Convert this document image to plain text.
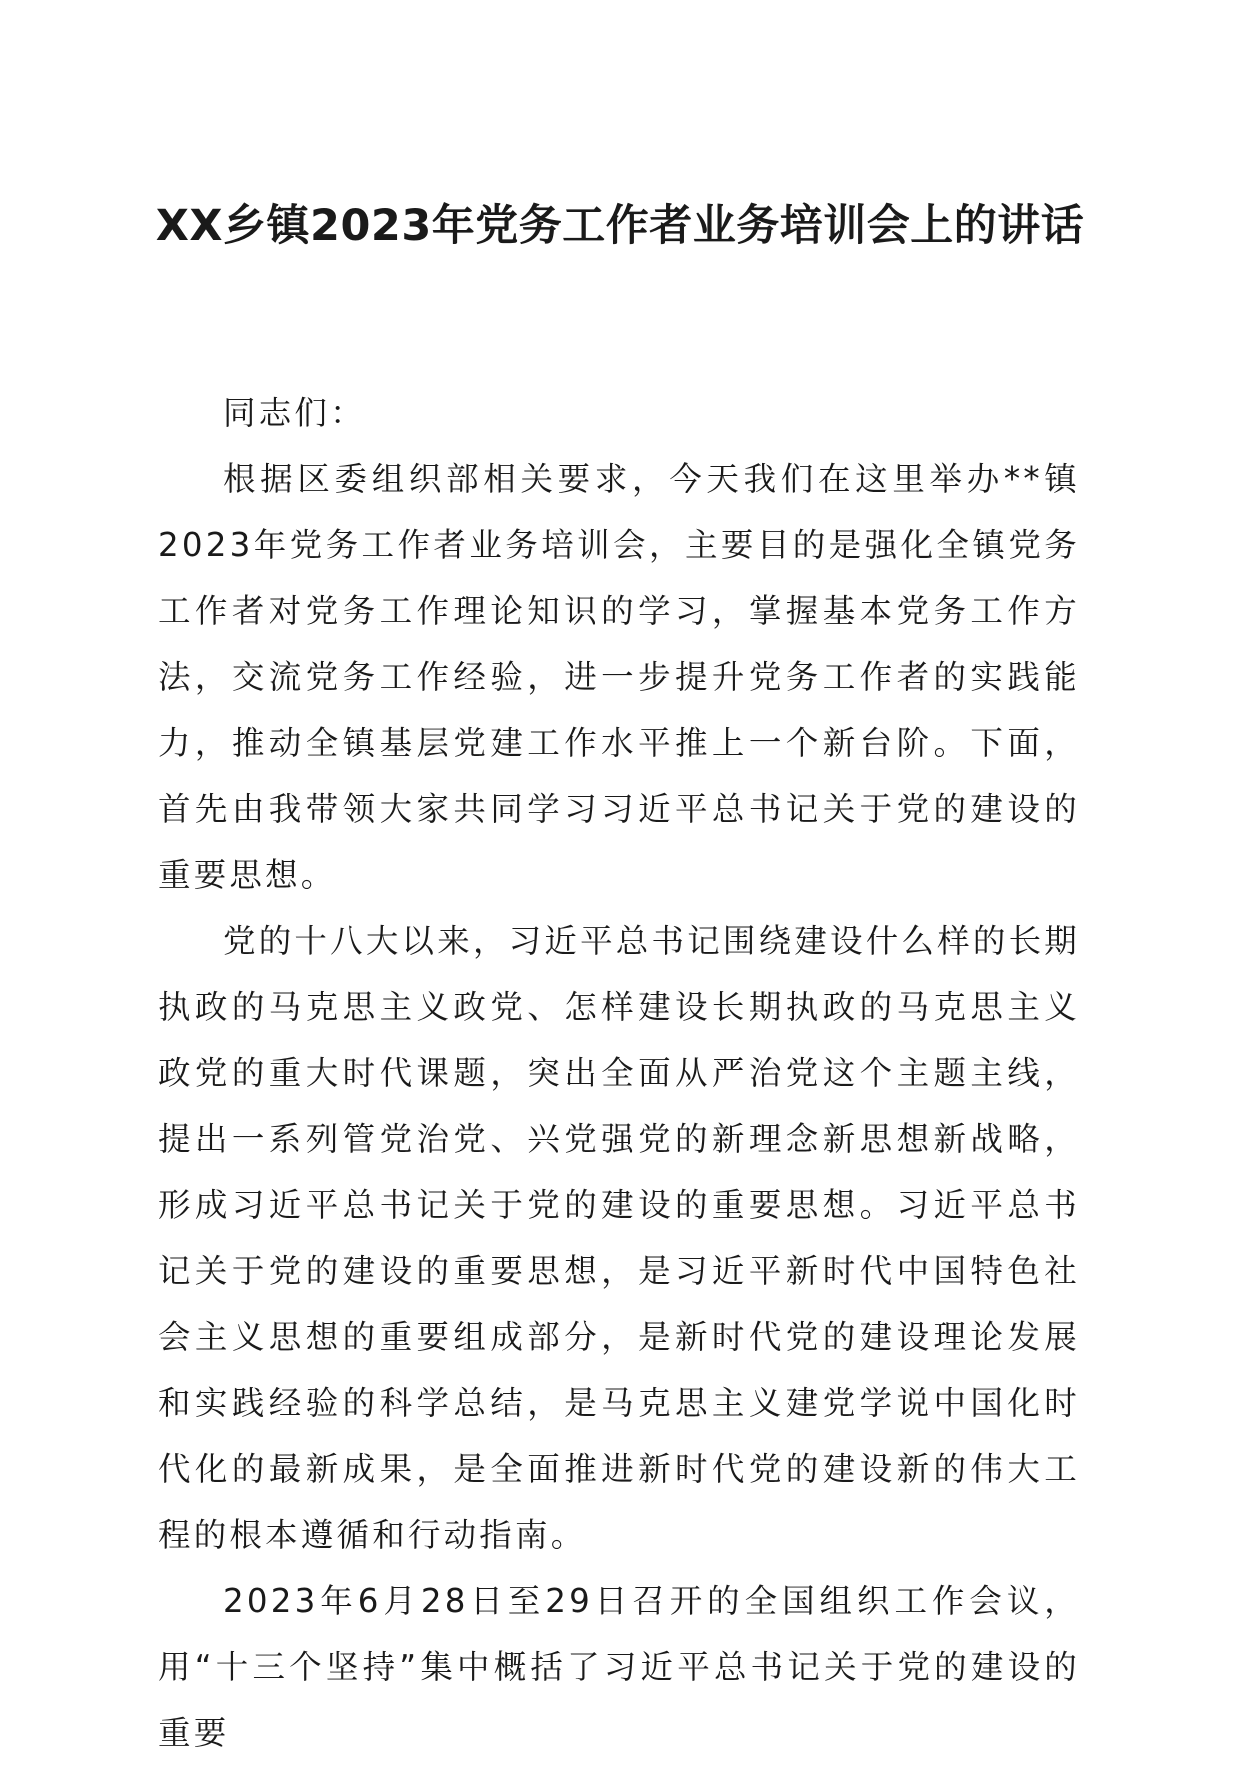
XX乡镇2023年党务工作者业务培训会上的讲话

同志们：

根据区委组织部相关要求，今天我们在这里举办**镇2023年党务工作者业务培训会，主要目的是强化全镇党务工作者对党务工作理论知识的学习，掌握基本党务工作方法，交流党务工作经验，进一步提升党务工作者的实践能力，推动全镇基层党建工作水平推上一个新台阶。下面，首先由我带领大家共同学习习近平总书记关于党的建设的重要思想。

党的十八大以来，习近平总书记围绕建设什么样的长期执政的马克思主义政党、怎样建设长期执政的马克思主义政党的重大时代课题，突出全面从严治党这个主题主线，提出一系列管党治党、兴党强党的新理念新思想新战略，形成习近平总书记关于党的建设的重要思想。习近平总书记关于党的建设的重要思想，是习近平新时代中国特色社会主义思想的重要组成部分，是新时代党的建设理论发展和实践经验的科学总结，是马克思主义建党学说中国化时代化的最新成果，是全面推进新时代党的建设新的伟大工程的根本遵循和行动指南。

2023年6月28日至29日召开的全国组织工作会议，用“十三个坚持”集中概括了习近平总书记关于党的建设的重要
